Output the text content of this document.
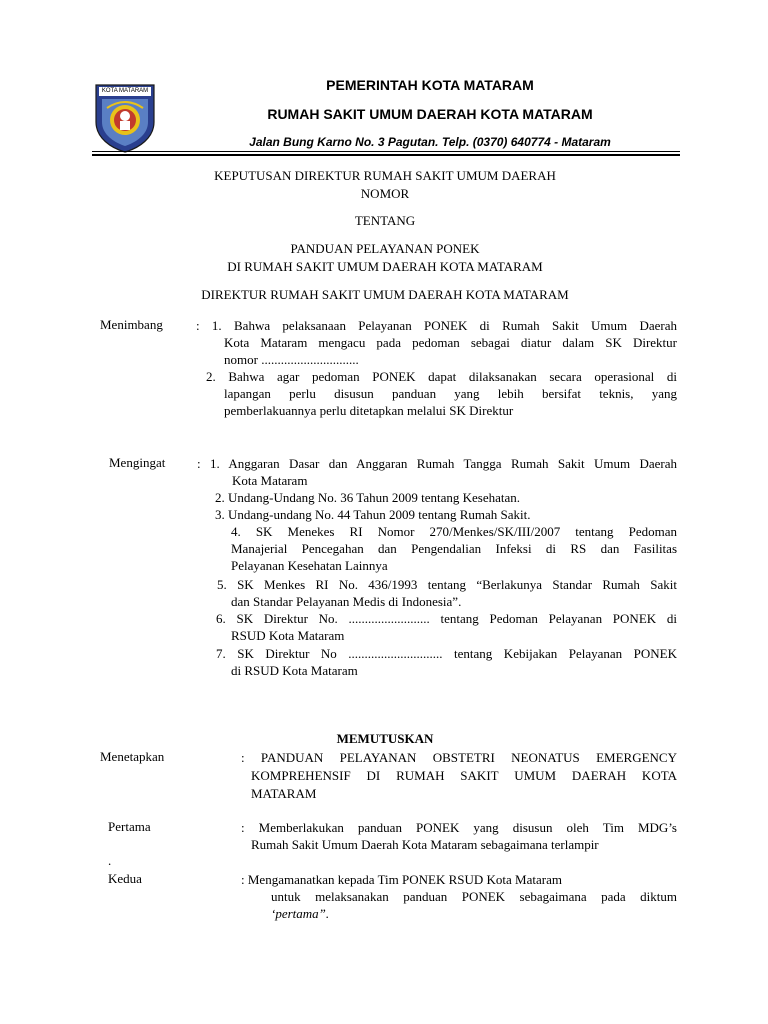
KOTA MATARAM	PEMERINTAH KOTA MATARAM
RUMAH SAKIT UMUM DAERAH KOTA MATARAM
Jalan Bung Karno No. 3 Pagutan. Telp. (0370) 640774 - Mataram
KEPUTUSAN DIREKTUR RUMAH SAKIT UMUM DAERAH
NOMOR
TENTANG
PANDUAN PELAYANAN PONEK
DI RUMAH SAKIT UMUM DAERAH KOTA MATARAM
DIREKTUR RUMAH SAKIT UMUM DAERAH KOTA MATARAM
Menimbang	: 1. Bahwa pelaksanaan Pelayanan PONEK di Rumah Sakit Umum Daerah
Kota Mataram mengacu pada pedoman sebagai diatur dalam SK Direktur
nomor ..............................
2. Bahwa agar pedoman PONEK dapat dilaksanakan secara operasional di
lapangan perlu disusun panduan yang lebih bersifat teknis, yang
pemberlakuannya perlu ditetapkan melalui SK Direktur
Mengingat : 1. Anggaran Dasar dan Anggaran Rumah Tangga Rumah Sakit Umum Daerah
Kota Mataram
2. Undang-Undang No. 36 Tahun 2009 tentang Kesehatan.
3. Undang-undang No. 44 Tahun 2009 tentang Rumah Sakit.
4. SK Menekes RI Nomor 270/Menkes/SK/III/2007 tentang Pedoman
Manajerial Pencegahan dan Pengendalian Infeksi di RS dan Fasilitas
Pelayanan Kesehatan Lainnya
5. SK Menkes RI No. 436/1993 tentang “Berlakunya Standar Rumah Sakit
dan Standar Pelayanan Medis di Indonesia”.
6. SK Direktur No. ......................... tentang Pedoman Pelayanan PONEK di
RSUD Kota Mataram
7. SK Direktur No ............................. tentang Kebijakan Pelayanan PONEK
di RSUD Kota Mataram
MEMUTUSKAN
Menetapkan	: PANDUAN PELAYANAN OBSTETRI NEONATUS EMERGENCY
KOMPREHENSIF DI RUMAH SAKIT UMUM DAERAH KOTA
MATARAM
Pertama	: Memberlakukan panduan PONEK yang disusun oleh Tim MDG’s
Rumah Sakit Umum Daerah Kota Mataram sebagaimana terlampir
.
Kedua	: Mengamanatkan kepada Tim PONEK RSUD Kota Mataram
untuk melaksanakan panduan PONEK sebagaimana pada diktum
‘pertama”.
